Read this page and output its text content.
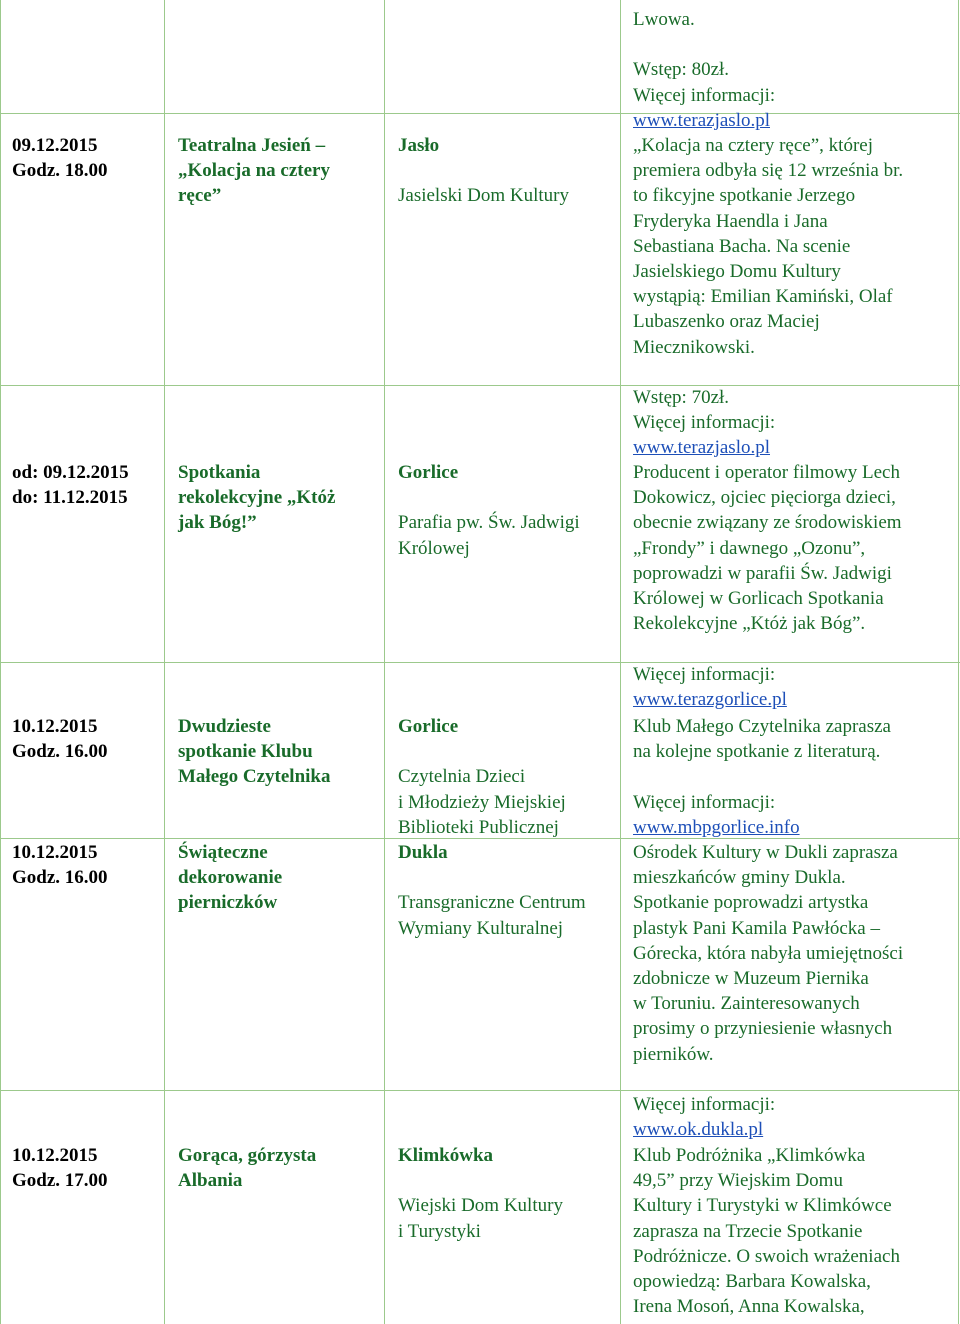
Lwowa.
Wstęp: 80zł.
Więcej informacji:
www.terazjaslo.pl
09.12.2015
Godz. 18.00
Teatralna Jesień –
„Kolacja na cztery
ręce”
Jasło
Jasielski Dom Kultury
„Kolacja na cztery ręce”, której
premiera odbyła się 12 września br.
to fikcyjne spotkanie Jerzego
Fryderyka Haendla i Jana
Sebastiana Bacha. Na scenie
Jasielskiego Domu Kultury
wystąpią: Emilian Kamiński, Olaf
Lubaszenko oraz Maciej
Miecznikowski.
Wstęp: 70zł.
Więcej informacji:
www.terazjaslo.pl
od: 09.12.2015
do: 11.12.2015
Spotkania
rekolekcyjne „Któż
jak Bóg!”
Gorlice
Parafia pw. Św. Jadwigi
Królowej
Producent i operator filmowy Lech
Dokowicz, ojciec pięciorga dzieci,
obecnie związany ze środowiskiem
„Frondy” i dawnego „Ozonu”,
poprowadzi w parafii Św. Jadwigi
Królowej w Gorlicach Spotkania
Rekolekcyjne „Któż jak Bóg”.
Więcej informacji:
www.terazgorlice.pl
10.12.2015
Godz. 16.00
Dwudzieste
spotkanie Klubu
Małego Czytelnika
Gorlice
Czytelnia Dzieci
i Młodzieży Miejskiej
Biblioteki Publicznej
Klub Małego Czytelnika zaprasza
na kolejne spotkanie z literaturą.
Więcej informacji:
www.mbpgorlice.info
10.12.2015
Godz. 16.00
Świąteczne
dekorowanie
pierniczków
Dukla
Transgraniczne Centrum
Wymiany Kulturalnej
Ośrodek Kultury w Dukli zaprasza
mieszkańców gminy Dukla.
Spotkanie poprowadzi artystka
plastyk Pani Kamila Pawłócka –
Górecka, która nabyła umiejętności
zdobnicze w Muzeum Piernika
w Toruniu. Zainteresowanych
prosimy o przyniesienie własnych
pierników.
Więcej informacji:
www.ok.dukla.pl
10.12.2015
Godz. 17.00
Gorąca, górzysta
Albania
Klimkówka
Wiejski Dom Kultury
i Turystyki
Klub Podróżnika „Klimkówka
49,5” przy Wiejskim Domu
Kultury i Turystyki w Klimkówce
zaprasza na Trzecie Spotkanie
Podróżnicze. O swoich wrażeniach
opowiedzą: Barbara Kowalska,
Irena Mosoń, Anna Kowalska,
